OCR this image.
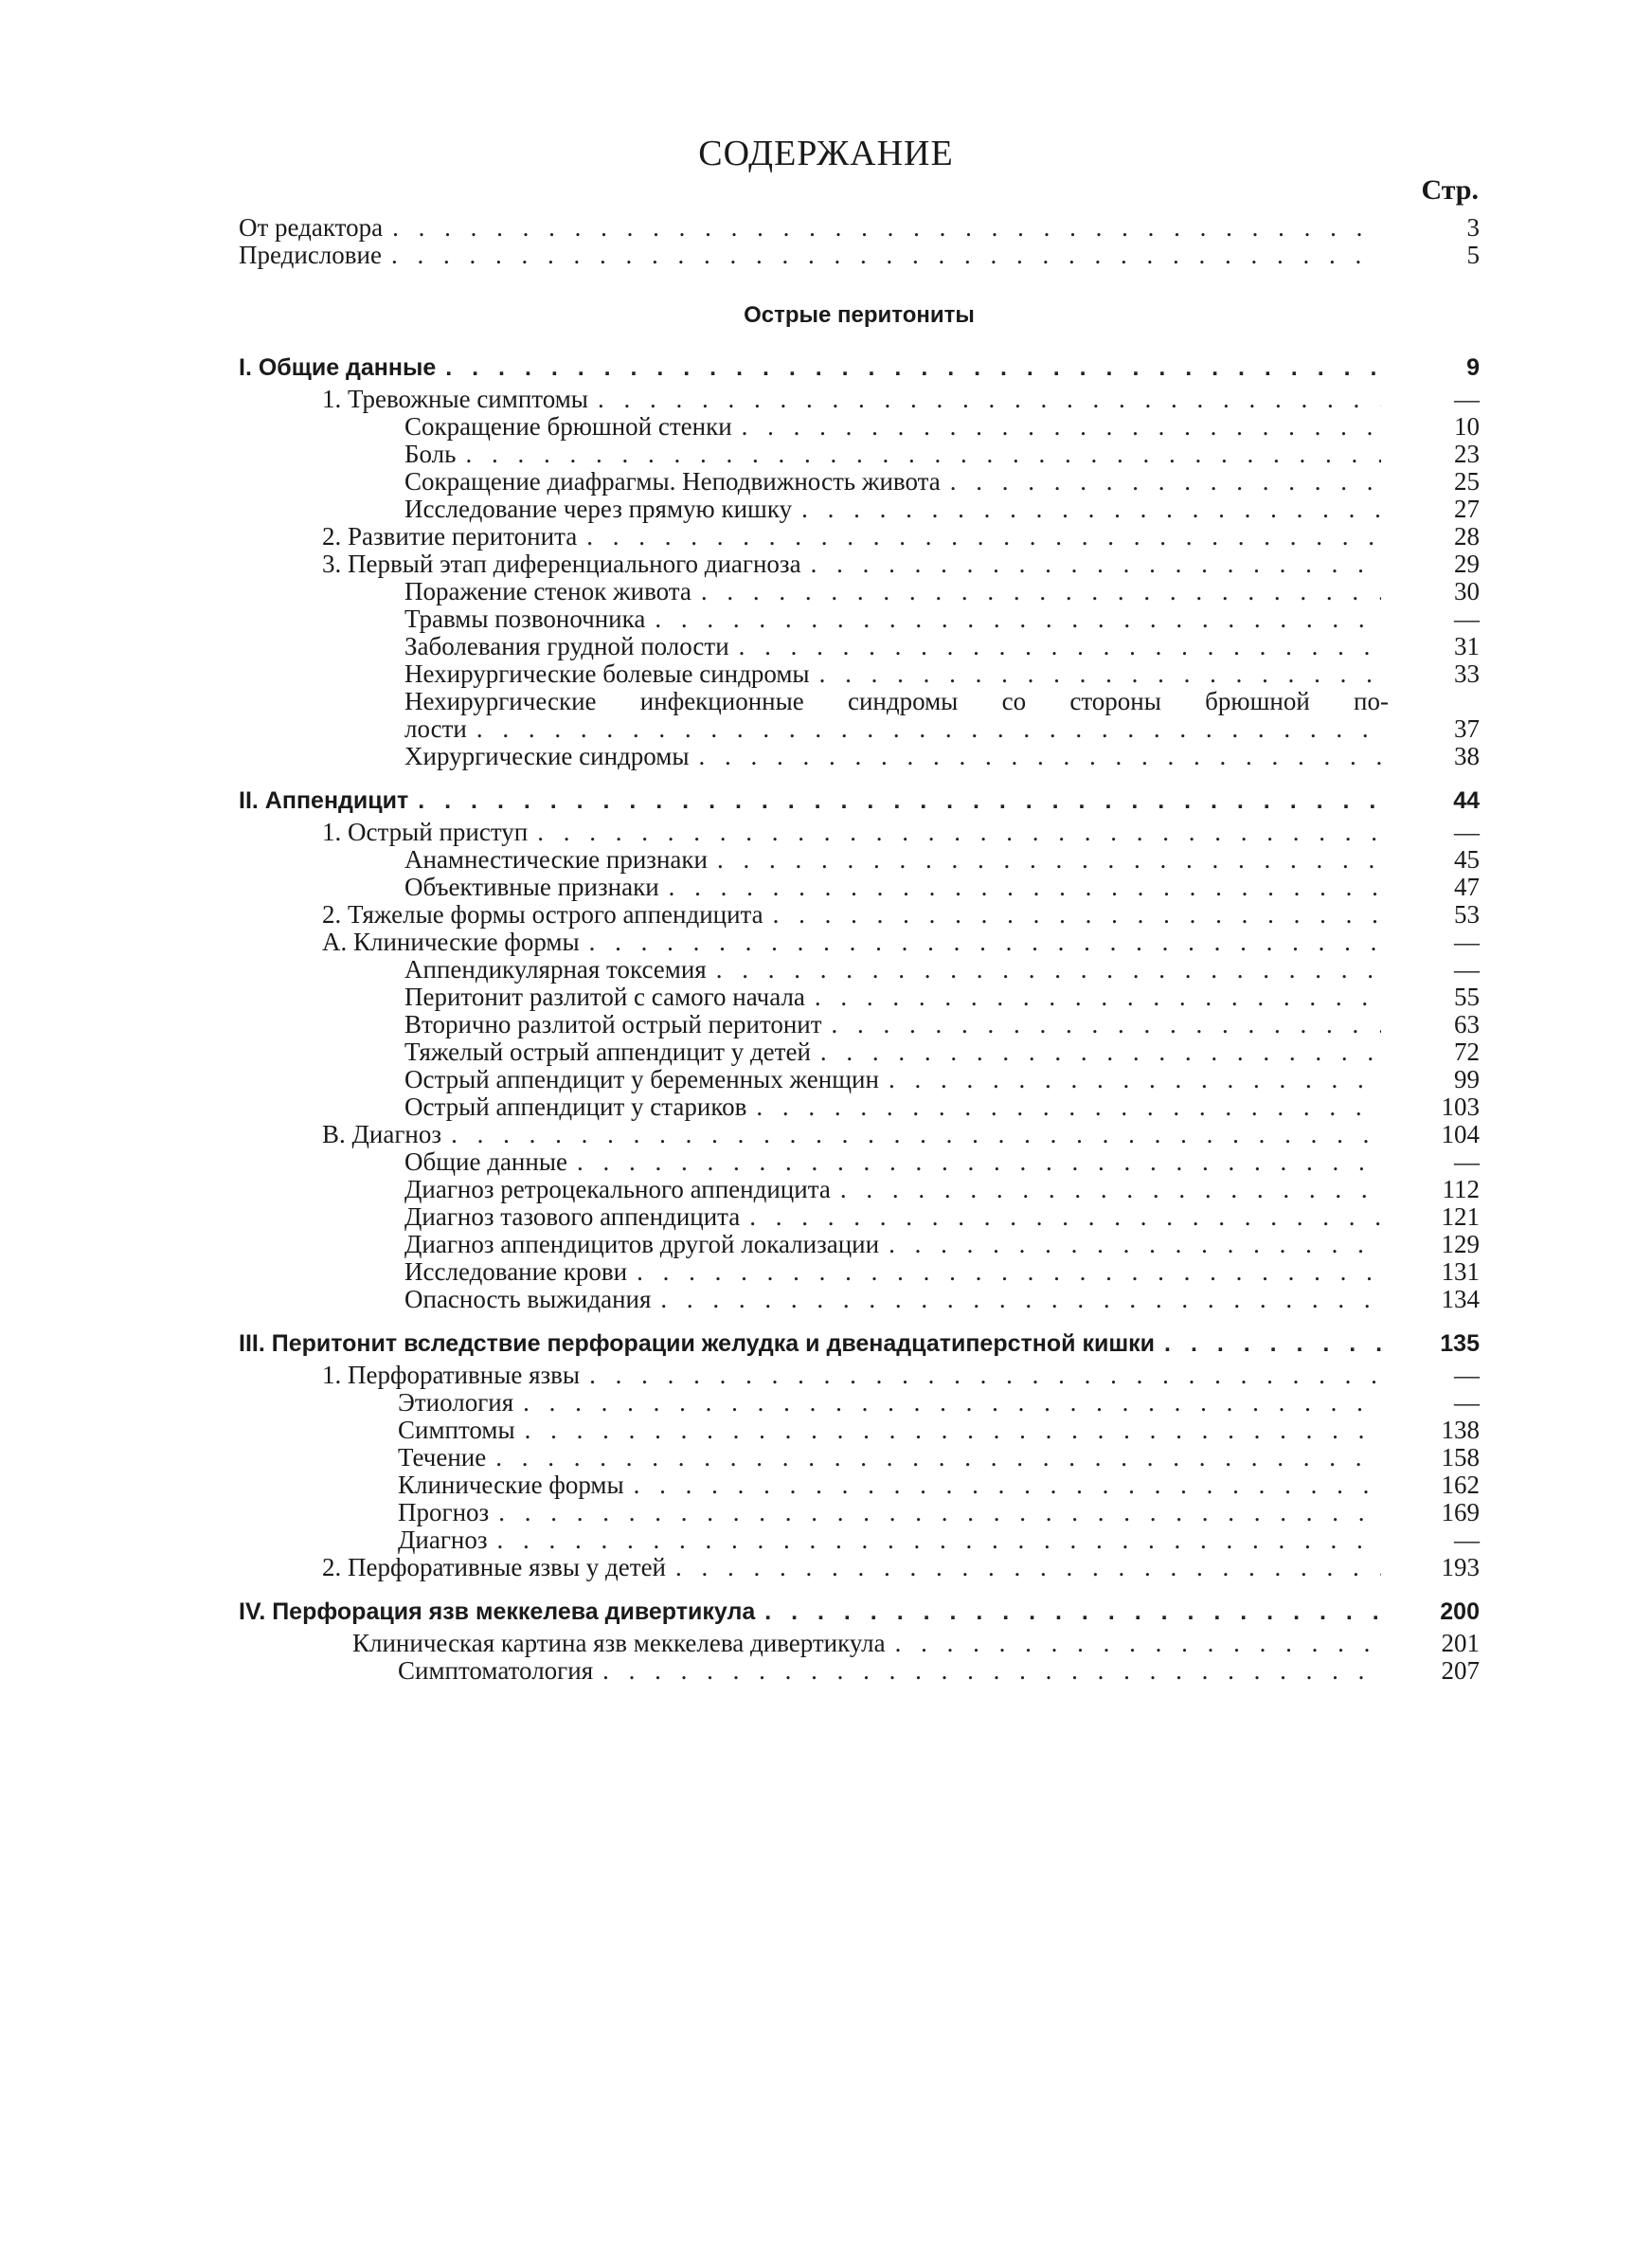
СОДЕРЖАНИЕ
Стр.
От редактора . . .	3
Предисловие . . .	5
Острые перитониты
I. Общие данные . . .	9
1. Тревожные симптомы . . .	—
Сокращение брюшной стенки . . .	10
Боль . . .	23
Сокращение диафрагмы. Неподвижность живота . . .	25
Исследование через прямую кишку . . .	27
2. Развитие перитонита . . .	28
3. Первый этап диференциального диагноза . . .	29
Поражение стенок живота . . .	30
Травмы позвоночника . . .	—
Заболевания грудной полости . . .	31
Нехирургические болевые синдромы . . .	33
Нехирургические инфекционные синдромы со стороны брюшной по-
лости . . .	37
Хирургические синдромы . . .	38
II. Аппендицит . . .	44
1. Острый приступ . . .	—
Анамнестические признаки . . .	45
Объективные признаки . . .	47
2. Тяжелые формы острого аппендицита . . .	53
А. Клинические формы . . .	—
Аппендикулярная токсемия . . .	—
Перитонит разлитой с самого начала . . .	55
Вторично разлитой острый перитонит . . .	63
Тяжелый острый аппендицит у детей . . .	72
Острый аппендицит у беременных женщин . . .	99
Острый аппендицит у стариков . . .	103
В. Диагноз . . .	104
Общие данные . . .	—
Диагноз ретроцекального аппендицита . . .	112
Диагноз тазового аппендицита . . .	121
Диагноз аппендицитов другой локализации . . .	129
Исследование крови . . .	131
Опасность выжидания . . .	134
III. Перитонит вследствие перфорации желудка и двенадцатиперстной кишки . . .	135
1. Перфоративные язвы . . .	—
Этиология . . .	—
Симптомы . . .	138
Течение . . .	158
Клинические формы . . .	162
Прогноз . . .	169
Диагноз . . .	—
2. Перфоративные язвы у детей . . .	193
IV. Перфорация язв меккелева дивертикула . . .	200
Клиническая картина язв меккелева дивертикула . . .	201
Симптоматология . . .	207
